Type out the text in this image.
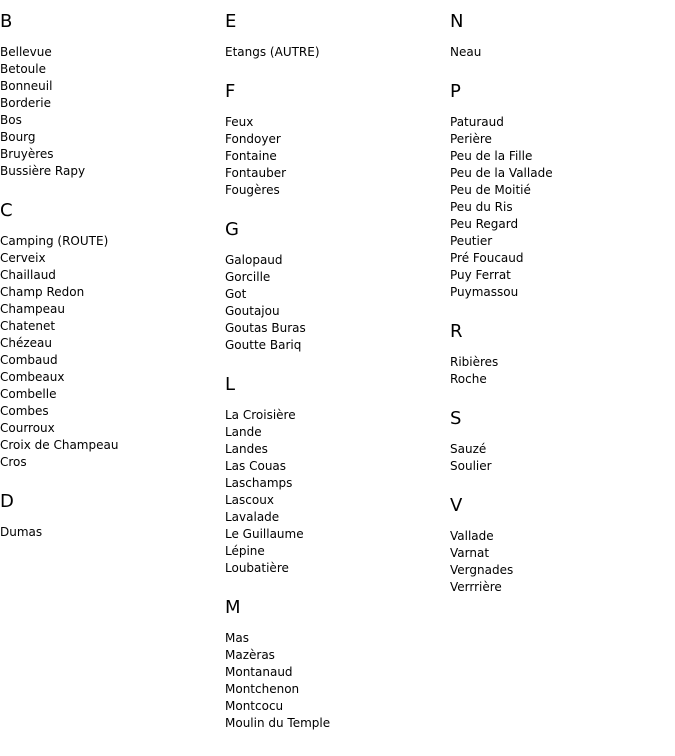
B
Bellevue
Betoule
Bonneuil
Borderie
Bos
Bourg
Bruyères
Bussière Rapy
C
Camping (ROUTE)
Cerveix
Chaillaud
Champ Redon
Champeau
Chatenet
Chézeau
Combaud
Combeaux
Combelle
Combes
Courroux
Croix de Champeau
Cros
D
Dumas
E
Etangs (AUTRE)
F
Feux
Fondoyer
Fontaine
Fontauber
Fougères
G
Galopaud
Gorcille
Got
Goutajou
Goutas Buras
Goutte Bariq
L
La Croisière
Lande
Landes
Las Couas
Laschamps
Lascoux
Lavalade
Le Guillaume
Lépine
Loubatière
M
Mas
Mazèras
Montanaud
Montchenon
Montcocu
Moulin du Temple
N
Neau
P
Paturaud
Perière
Peu de la Fille
Peu de la Vallade
Peu de Moitié
Peu du Ris
Peu Regard
Peutier
Pré Foucaud
Puy Ferrat
Puymassou
R
Ribières
Roche
S
Sauzé
Soulier
V
Vallade
Varnat
Vergnades
Verrrière
